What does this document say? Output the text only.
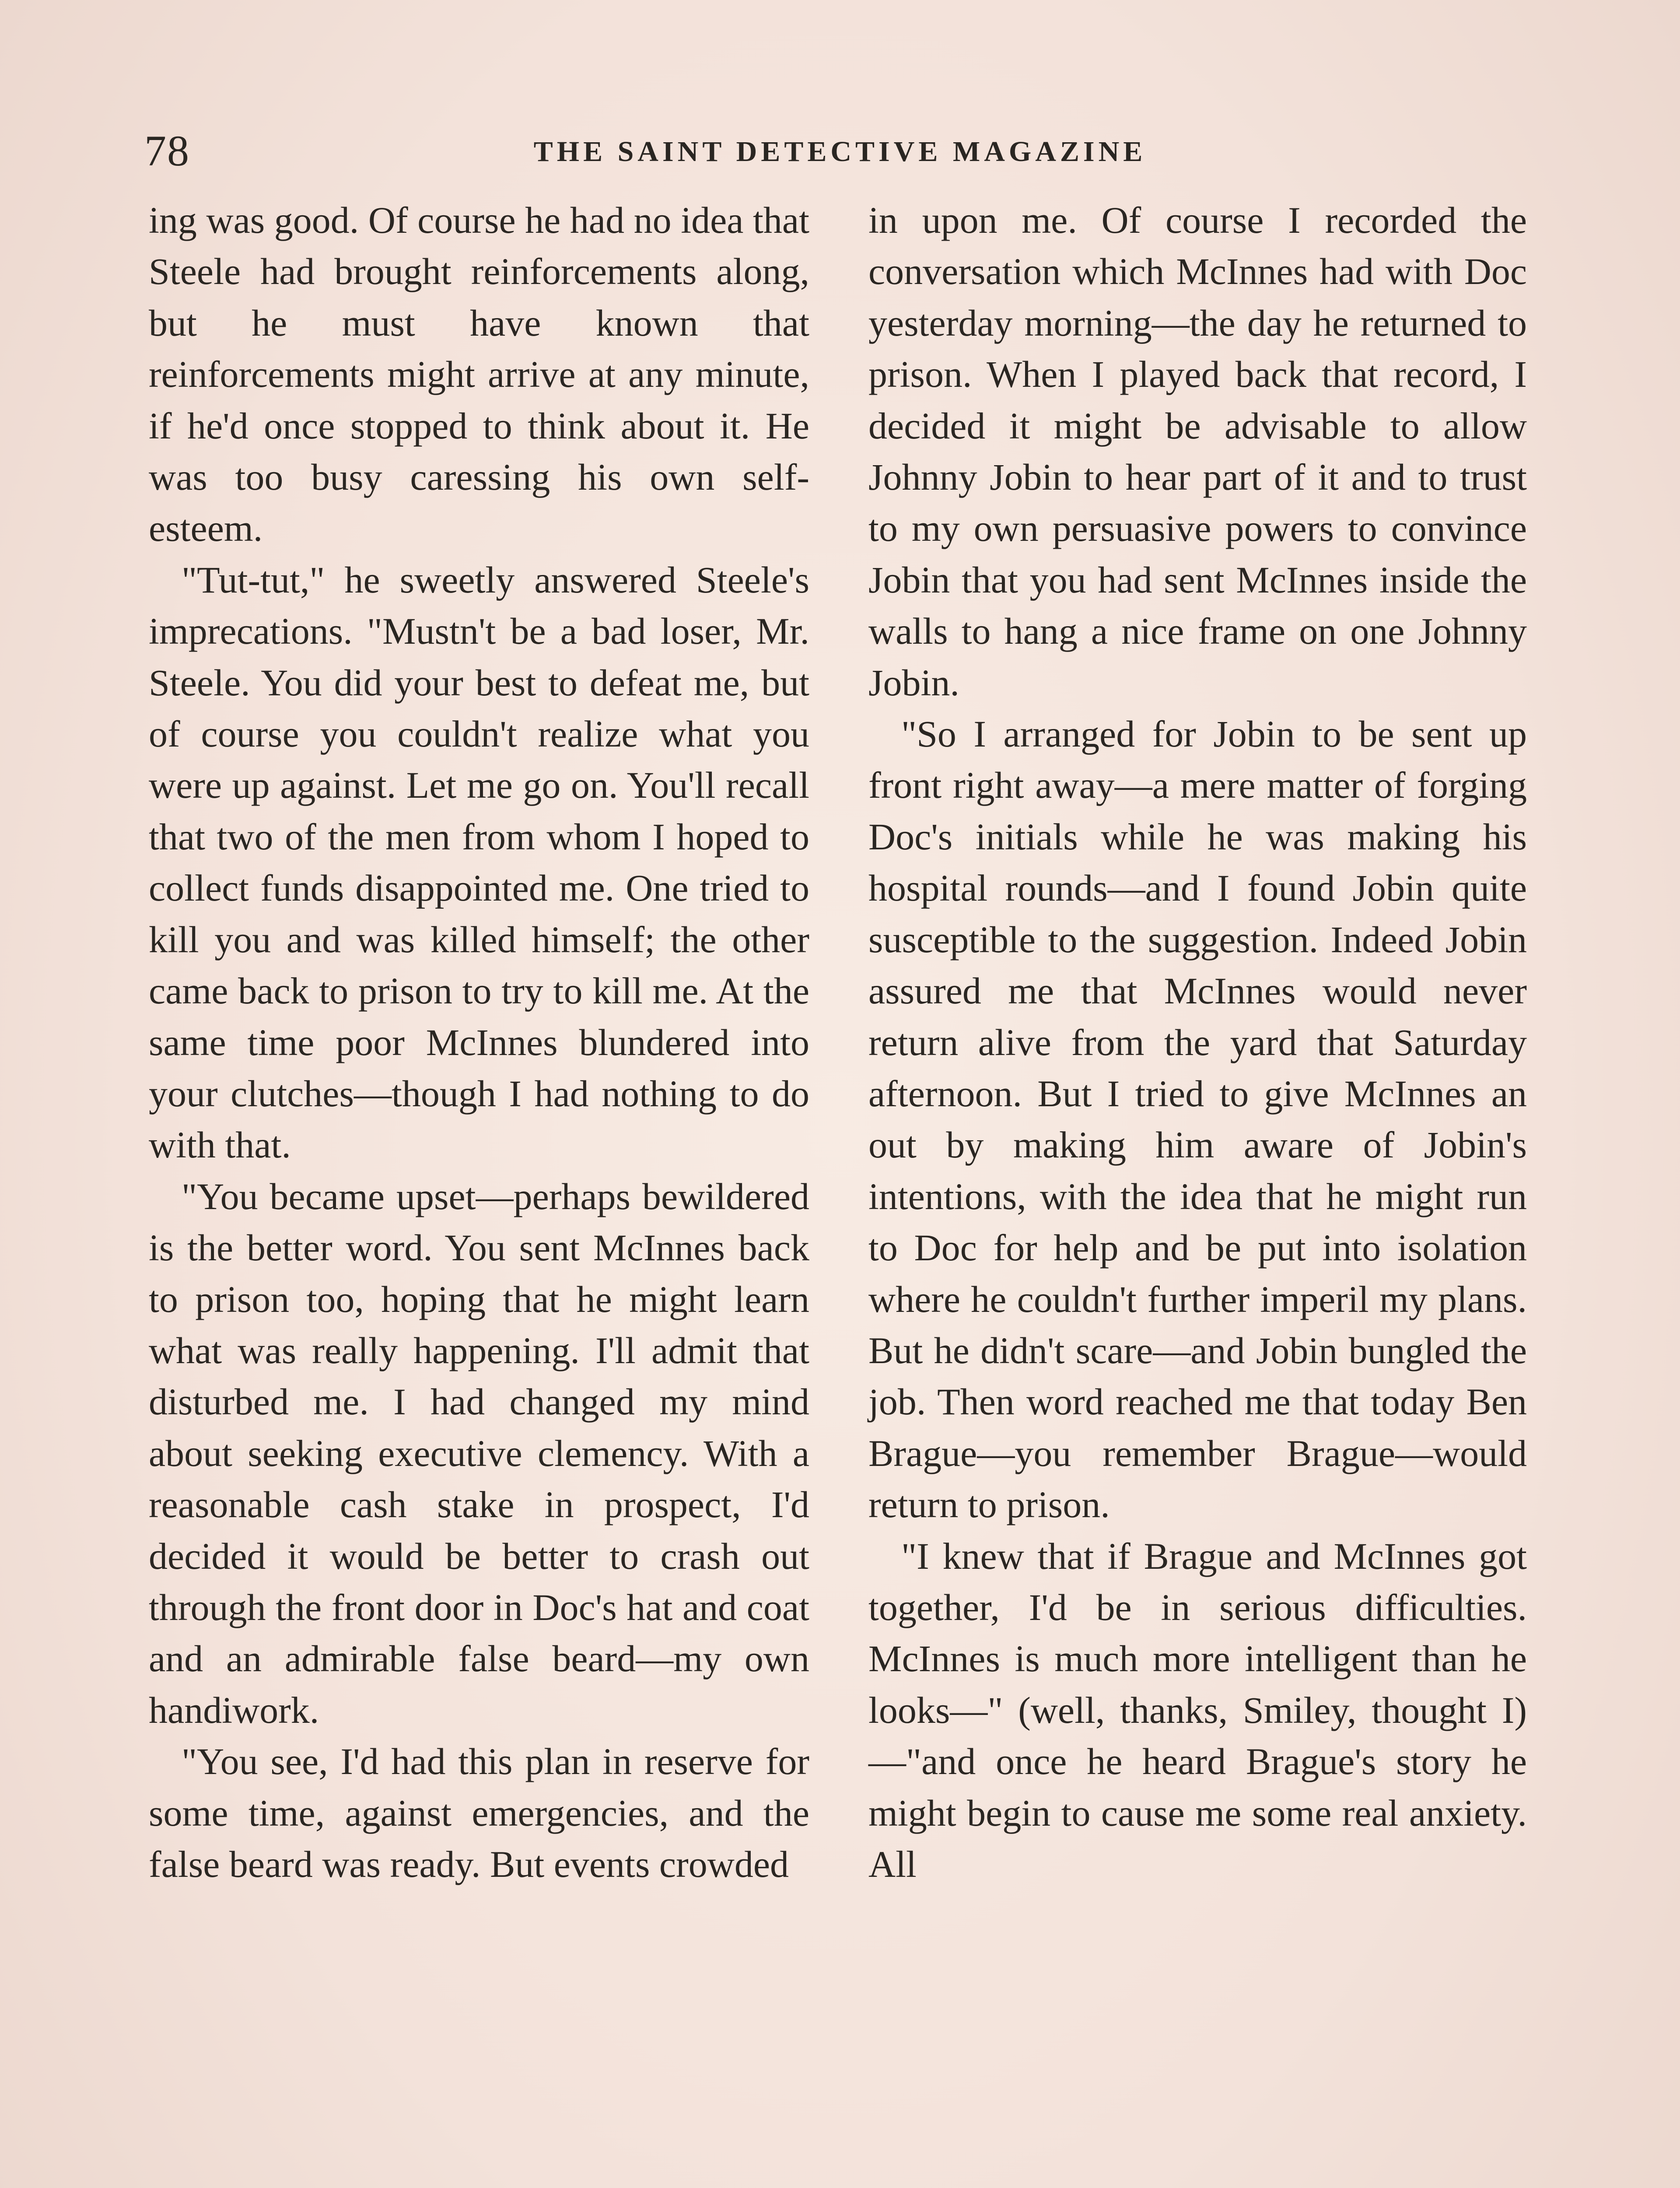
78	THE SAINT DETECTIVE MAGAZINE

ing was good. Of course he had no idea that Steele had brought reinforcements along, but he must have known that reinforcements might arrive at any minute, if he'd once stopped to think about it. He was too busy caressing his own self-esteem.

"Tut-tut," he sweetly answered Steele's imprecations. "Mustn't be a bad loser, Mr. Steele. You did your best to defeat me, but of course you couldn't realize what you were up against. Let me go on. You'll recall that two of the men from whom I hoped to collect funds disappointed me. One tried to kill you and was killed himself; the other came back to prison to try to kill me. At the same time poor McInnes blundered into your clutches—though I had nothing to do with that.

"You became upset—perhaps bewildered is the better word. You sent McInnes back to prison too, hoping that he might learn what was really happening. I'll admit that disturbed me. I had changed my mind about seeking executive clemency. With a reasonable cash stake in prospect, I'd decided it would be better to crash out through the front door in Doc's hat and coat and an admirable false beard—my own handiwork.

"You see, I'd had this plan in reserve for some time, against emergencies, and the false beard was ready. But events crowded

in upon me. Of course I recorded the conversation which McInnes had with Doc yesterday morning—the day he returned to prison. When I played back that record, I decided it might be advisable to allow Johnny Jobin to hear part of it and to trust to my own persuasive powers to convince Jobin that you had sent McInnes inside the walls to hang a nice frame on one Johnny Jobin.

"So I arranged for Jobin to be sent up front right away—a mere matter of forging Doc's initials while he was making his hospital rounds—and I found Jobin quite susceptible to the suggestion. Indeed Jobin assured me that McInnes would never return alive from the yard that Saturday afternoon. But I tried to give McInnes an out by making him aware of Jobin's intentions, with the idea that he might run to Doc for help and be put into isolation where he couldn't further imperil my plans. But he didn't scare—and Jobin bungled the job. Then word reached me that today Ben Brague—you remember Brague—would return to prison.

"I knew that if Brague and McInnes got together, I'd be in serious difficulties. McInnes is much more intelligent than he looks—" (well, thanks, Smiley, thought I)—"and once he heard Brague's story he might begin to cause me some real anxiety. All
